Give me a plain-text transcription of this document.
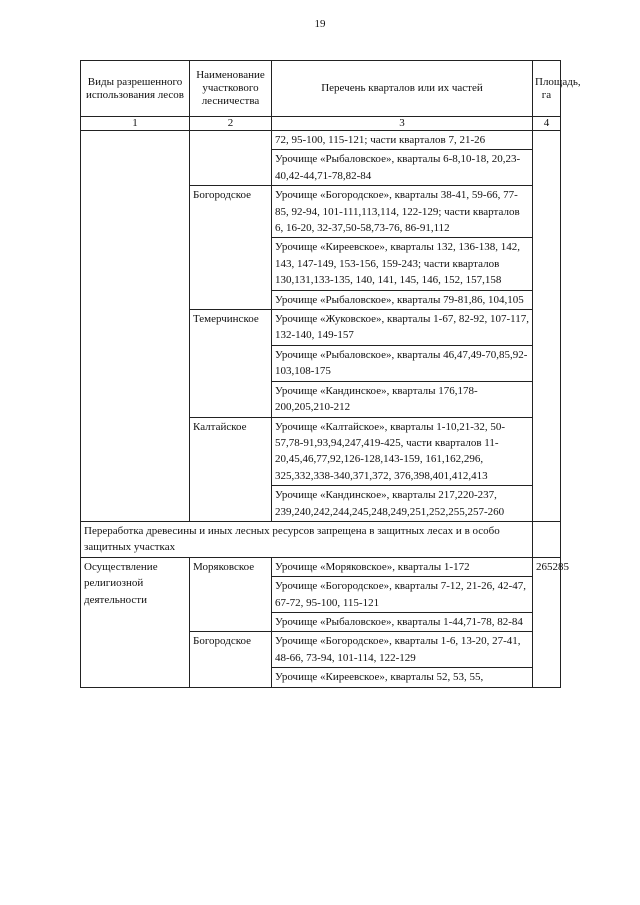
19
Виды разрешенного использования лесов	Наименование участкового лесничества	Перечень кварталов или их частей	Площадь, га
1	2	3	4
		72, 95-100, 115-121; части кварталов 7, 21-26	
		Урочище «Рыбаловское», кварталы 6-8,10-18, 20,23-40,42-44,71-78,82-84	
	Богородское	Урочище «Богородское», кварталы 38-41, 59-66, 77-85, 92-94, 101-111,113,114, 122-129; части кварталов 6, 16-20, 32-37,50-58,73-76, 86-91,112	
		Урочище «Киреевское», кварталы 132, 136-138, 142, 143, 147-149, 153-156, 159-243; части кварталов 130,131,133-135, 140, 141, 145, 146, 152, 157,158	
		Урочище «Рыбаловское», кварталы 79-81,86, 104,105	
	Темерчинское	Урочище «Жуковское», кварталы 1-67, 82-92, 107-117, 132-140, 149-157	
		Урочище «Рыбаловское», кварталы 46,47,49-70,85,92-103,108-175	
		Урочище «Кандинское», кварталы 176,178-200,205,210-212	
	Калтайское	Урочище «Калтайское», кварталы 1-10,21-32, 50-57,78-91,93,94,247,419-425, части кварталов 11-20,45,46,77,92,126-128,143-159, 161,162,296, 325,332,338-340,371,372, 376,398,401,412,413	
		Урочище «Кандинское», кварталы 217,220-237, 239,240,242,244,245,248,249,251,252,255,257-260	
Переработка древесины и иных лесных ресурсов запрещена в защитных лесах и в особо защитных участках			
Осуществление религиозной деятельности	Моряковское	Урочище «Моряковское», кварталы 1-172	265285
		Урочище «Богородское», кварталы 7-12, 21-26, 42-47, 67-72, 95-100, 115-121	
		Урочище «Рыбаловское», кварталы 1-44,71-78, 82-84	
	Богородское	Урочище «Богородское», кварталы 1-6, 13-20, 27-41, 48-66, 73-94, 101-114, 122-129	
		Урочище «Киреевское», кварталы 52, 53, 55,	
